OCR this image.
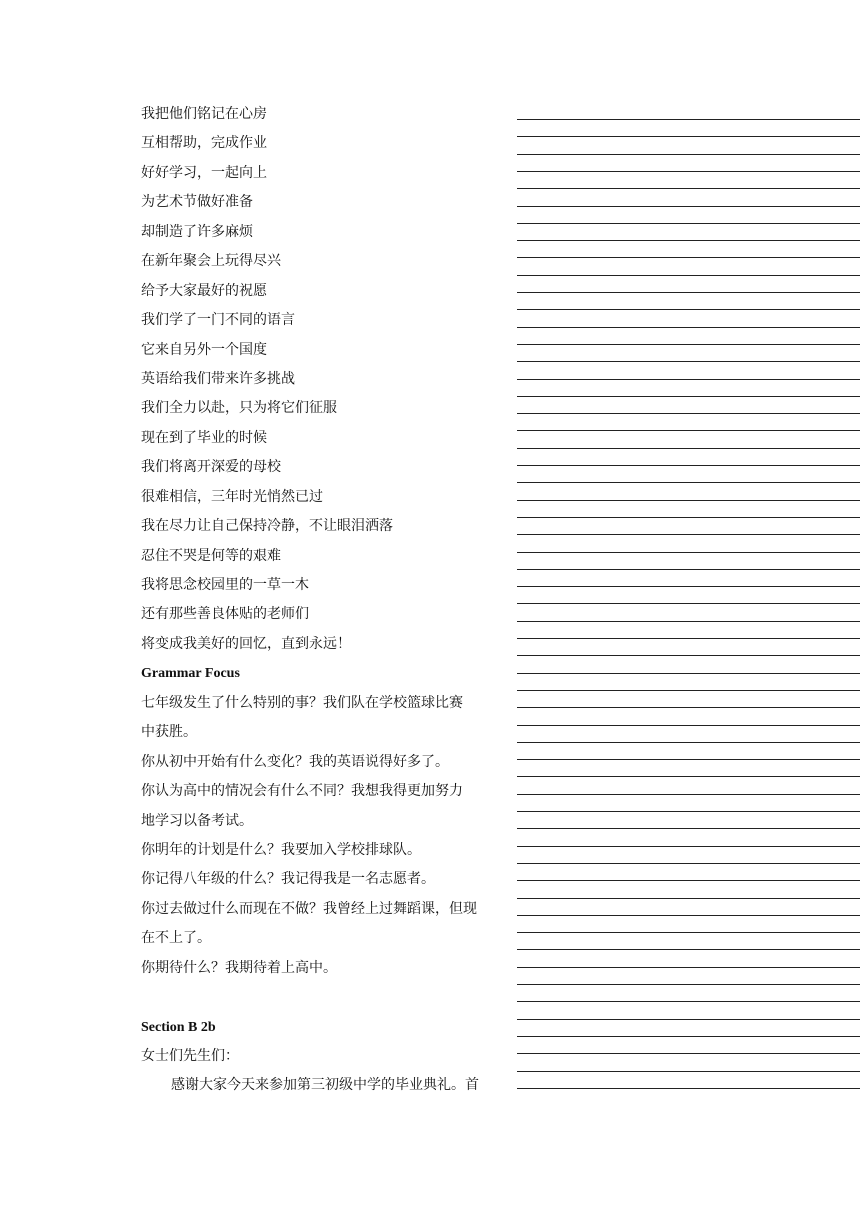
我把他们铭记在心房
互相帮助，完成作业
好好学习，一起向上
为艺术节做好准备
却制造了许多麻烦
在新年聚会上玩得尽兴
给予大家最好的祝愿
我们学了一门不同的语言
它来自另外一个国度
英语给我们带来许多挑战
我们全力以赴，只为将它们征服
现在到了毕业的时候
我们将离开深爱的母校
很难相信，三年时光悄然已过
我在尽力让自己保持冷静，不让眼泪洒落
忍住不哭是何等的艰难
我将思念校园里的一草一木
还有那些善良体贴的老师们
将变成我美好的回忆，直到永远！
Grammar Focus
七年级发生了什么特别的事？我们队在学校篮球比赛
中获胜。
你从初中开始有什么变化？我的英语说得好多了。
你认为高中的情况会有什么不同？我想我得更加努力
地学习以备考试。
你明年的计划是什么？我要加入学校排球队。
你记得八年级的什么？我记得我是一名志愿者。
你过去做过什么而现在不做？我曾经上过舞蹈课，但现
在不上了。
你期待什么？我期待着上高中。
Section B 2b
女士们先生们：
感谢大家今天来参加第三初级中学的毕业典礼。首
